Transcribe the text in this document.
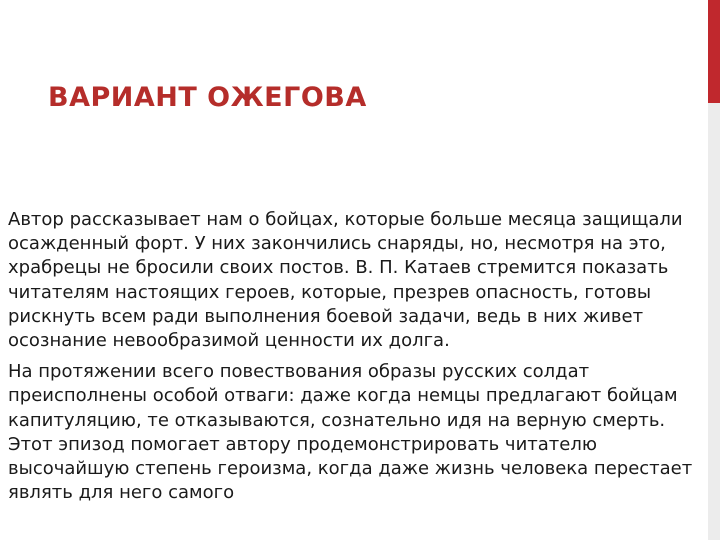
ВАРИАНТ ОЖЕГОВА

Автор рассказывает нам о бойцах, которые больше месяца защищали осажденный форт. У них закончились снаряды, но, несмотря на это, храбрецы не бросили своих постов. В. П. Катаев стремится показать читателям настоящих героев, которые, презрев опасность, готовы рискнуть всем ради выполнения боевой задачи, ведь в них живет осознание невообразимой ценности их долга.

На протяжении всего повествования образы русских солдат преисполнены особой отваги: даже когда немцы предлагают бойцам капитуляцию, те отказываются, сознательно идя на верную смерть. Этот эпизод помогает автору продемонстрировать читателю высочайшую степень героизма, когда даже жизнь человека перестает являть для него самого
